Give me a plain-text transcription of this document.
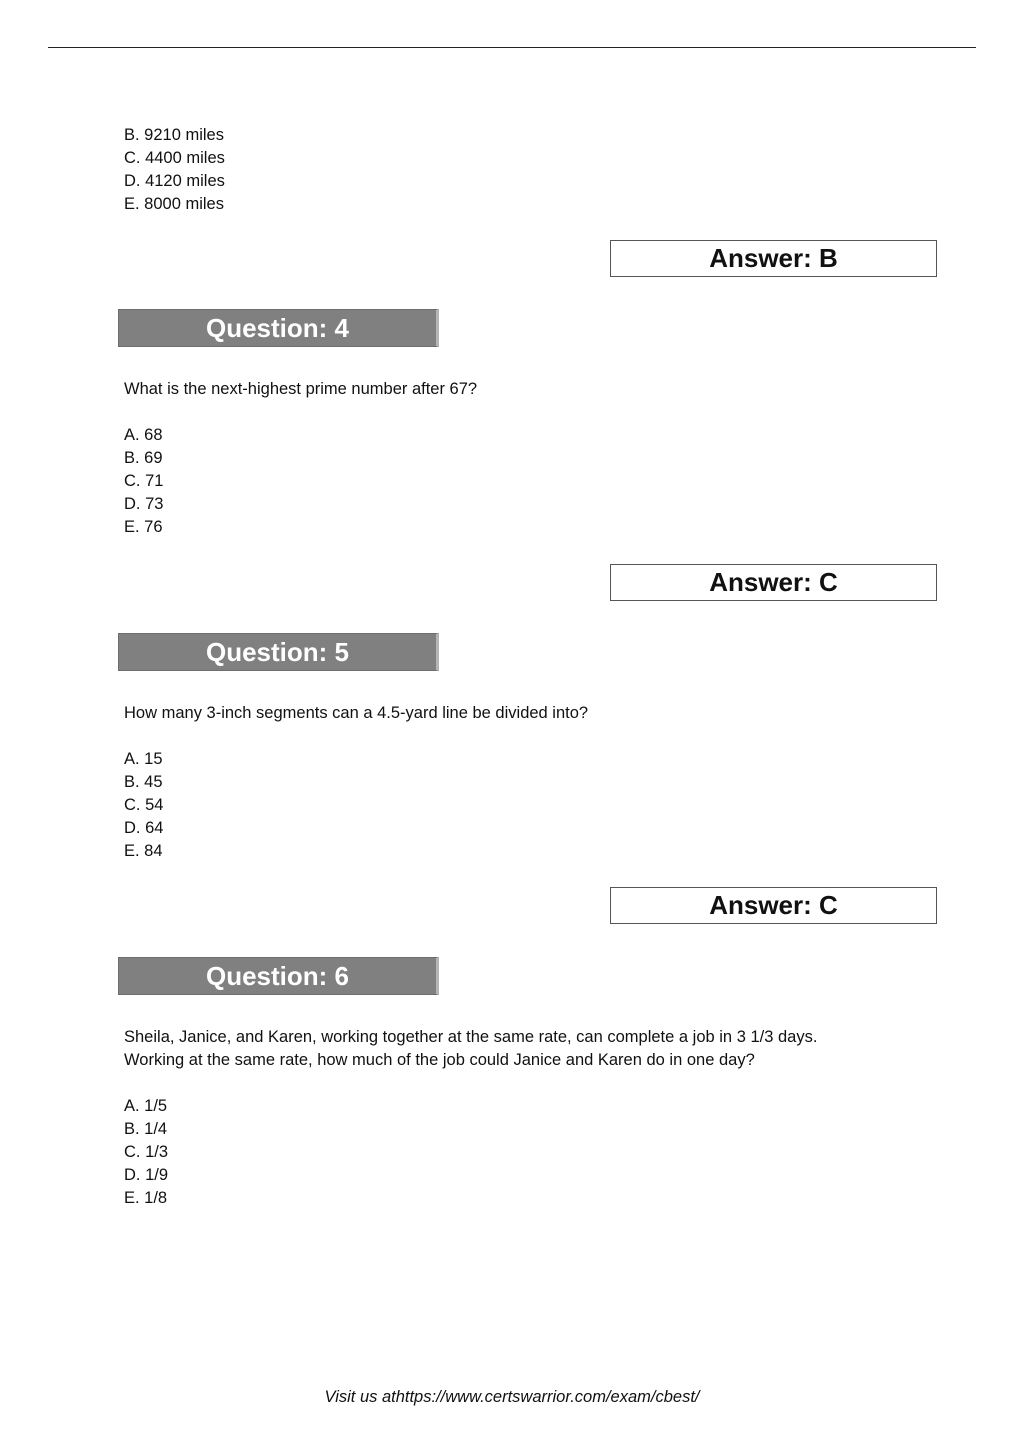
B. 9210 miles
C. 4400 miles
D. 4120 miles
E. 8000 miles
Answer: B
Question: 4

What is the next-highest prime number after 67?

A. 68
B. 69
C. 71
D. 73
E. 76
Answer: C
Question: 5

How many 3-inch segments can a 4.5-yard line be divided into?

A. 15
B. 45
C. 54
D. 64
E. 84
Answer: C
Question: 6

Sheila, Janice, and Karen, working together at the same rate, can complete a job in 3 1/3 days.

Working at the same rate, how much of the job could Janice and Karen do in one day?

A. 1/5
B. 1/4
C. 1/3
D. 1/9
E. 1/8
Visit us athttps://www.certswarrior.com/exam/cbest/
